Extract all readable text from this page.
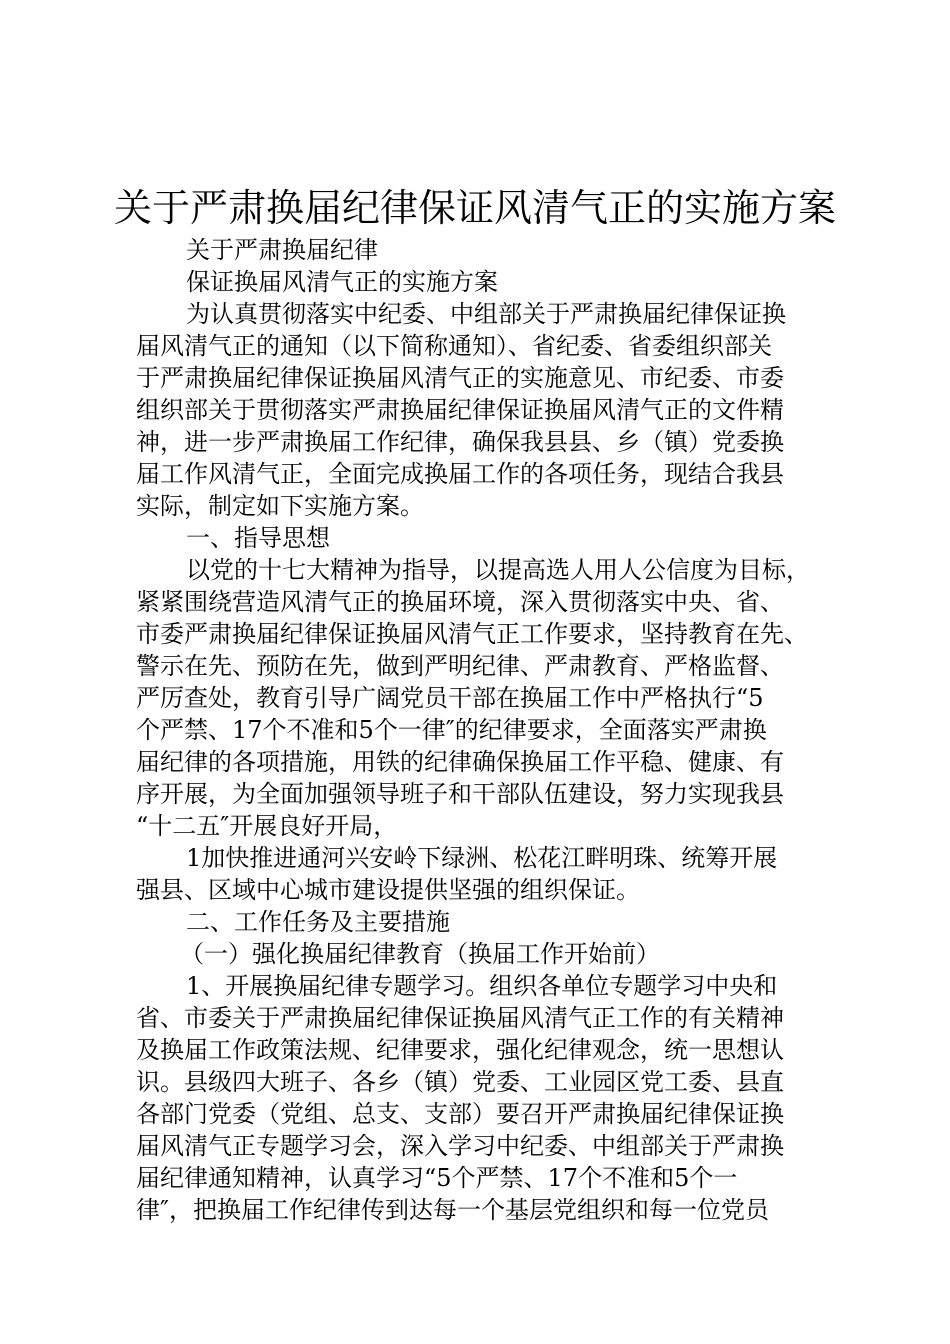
关于严肃换届纪律保证风清气正的实施方案
关于严肃换届纪律
保证换届风清气正的实施方案
为认真贯彻落实中纪委、中组部关于严肃换届纪律保证换
届风清气正的通知（以下简称通知）、省纪委、省委组织部关
于严肃换届纪律保证换届风清气正的实施意见、市纪委、市委
组织部关于贯彻落实严肃换届纪律保证换届风清气正的文件精
神，进一步严肃换届工作纪律，确保我县县、乡（镇）党委换
届工作风清气正，全面完成换届工作的各项任务，现结合我县
实际，制定如下实施方案。
一、指导思想
以党的十七大精神为指导，以提高选人用人公信度为目标，
紧紧围绕营造风清气正的换届环境，深入贯彻落实中央、省、
市委严肃换届纪律保证换届风清气正工作要求，坚持教育在先、
警示在先、预防在先，做到严明纪律、严肃教育、严格监督、
严厉查处，教育引导广阔党员干部在换届工作中严格执行“5
个严禁、17个不准和5个一律″的纪律要求，全面落实严肃换
届纪律的各项措施，用铁的纪律确保换届工作平稳、健康、有
序开展，为全面加强领导班子和干部队伍建设，努力实现我县
“十二五″开展良好开局，
1加快推进通河兴安岭下绿洲、松花江畔明珠、统筹开展
强县、区域中心城市建设提供坚强的组织保证。
二、工作任务及主要措施
（一）强化换届纪律教育（换届工作开始前）
1、开展换届纪律专题学习。组织各单位专题学习中央和
省、市委关于严肃换届纪律保证换届风清气正工作的有关精神
及换届工作政策法规、纪律要求，强化纪律观念，统一思想认
识。县级四大班子、各乡（镇）党委、工业园区党工委、县直
各部门党委（党组、总支、支部）要召开严肃换届纪律保证换
届风清气正专题学习会，深入学习中纪委、中组部关于严肃换
届纪律通知精神，认真学习“5个严禁、17个不准和5个一
律″，把换届工作纪律传到达每一个基层党组织和每一位党员
